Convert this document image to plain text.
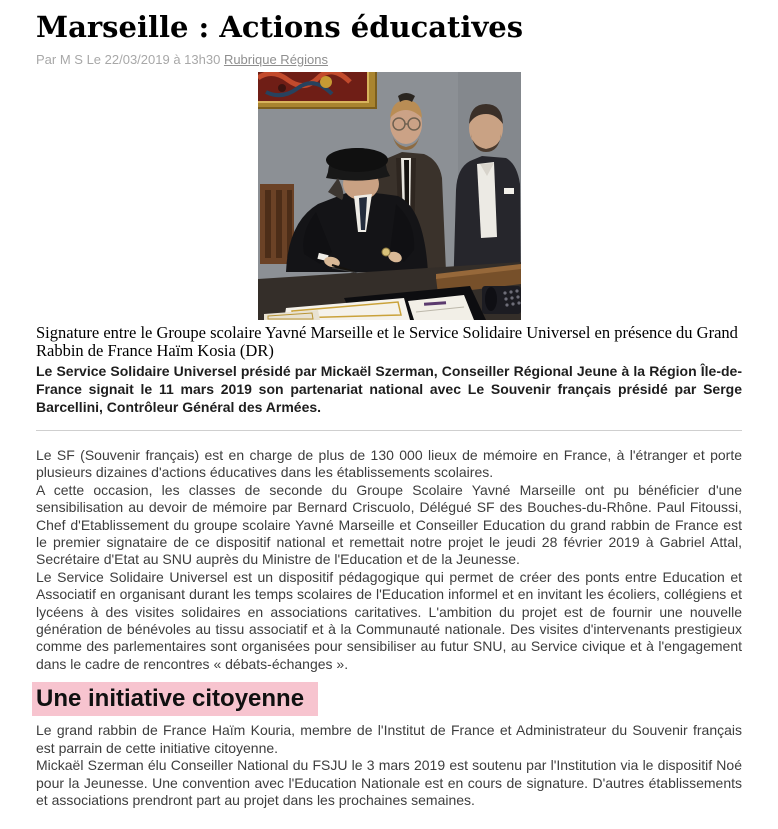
Marseille : Actions éducatives
Par M S Le 22/03/2019 à 13h30 Rubrique Régions

Signature entre le Groupe scolaire Yavné Marseille et le Service Solidaire Universel en présence du Grand Rabbin de France Haïm Kosia (DR)

Le Service Solidaire Universel présidé par Mickaël Szerman, Conseiller Régional Jeune à la Région Île-de-France signait le 11 mars 2019 son partenariat national avec Le Souvenir français présidé par Serge Barcellini, Contrôleur Général des Armées.

Le SF (Souvenir français) est en charge de plus de 130 000 lieux de mémoire en France, à l'étranger et porte plusieurs dizaines d'actions éducatives dans les établissements scolaires.

A cette occasion, les classes de seconde du Groupe Scolaire Yavné Marseille ont pu bénéficier d'une sensibilisation au devoir de mémoire par Bernard Criscuolo, Délégué SF des Bouches-du-Rhône. Paul Fitoussi, Chef d'Etablissement du groupe scolaire Yavné Marseille et Conseiller Education du grand rabbin de France est le premier signataire de ce dispositif national et remettait notre projet le jeudi 28 février 2019 à Gabriel Attal, Secrétaire d'Etat au SNU auprès du Ministre de l'Education et de la Jeunesse.

Le Service Solidaire Universel est un dispositif pédagogique qui permet de créer des ponts entre Education et Associatif en organisant durant les temps scolaires de l'Education informel et en invitant les écoliers, collégiens et lycéens à des visites solidaires en associations caritatives. L'ambition du projet est de fournir une nouvelle génération de bénévoles au tissu associatif et à la Communauté nationale. Des visites d'intervenants prestigieux comme des parlementaires sont organisées pour sensibiliser au futur SNU, au Service civique et à l'engagement dans le cadre de rencontres « débats-échanges ».

Une initiative citoyenne

Le grand rabbin de France Haïm Kouria, membre de l'Institut de France et Administrateur du Souvenir français est parrain de cette initiative citoyenne.

Mickaël Szerman élu Conseiller National du FSJU le 3 mars 2019 est soutenu par l'Institution via le dispositif Noé pour la Jeunesse. Une convention avec l'Education Nationale est en cours de signature. D'autres établissements et associations prendront part au projet dans les prochaines semaines.
